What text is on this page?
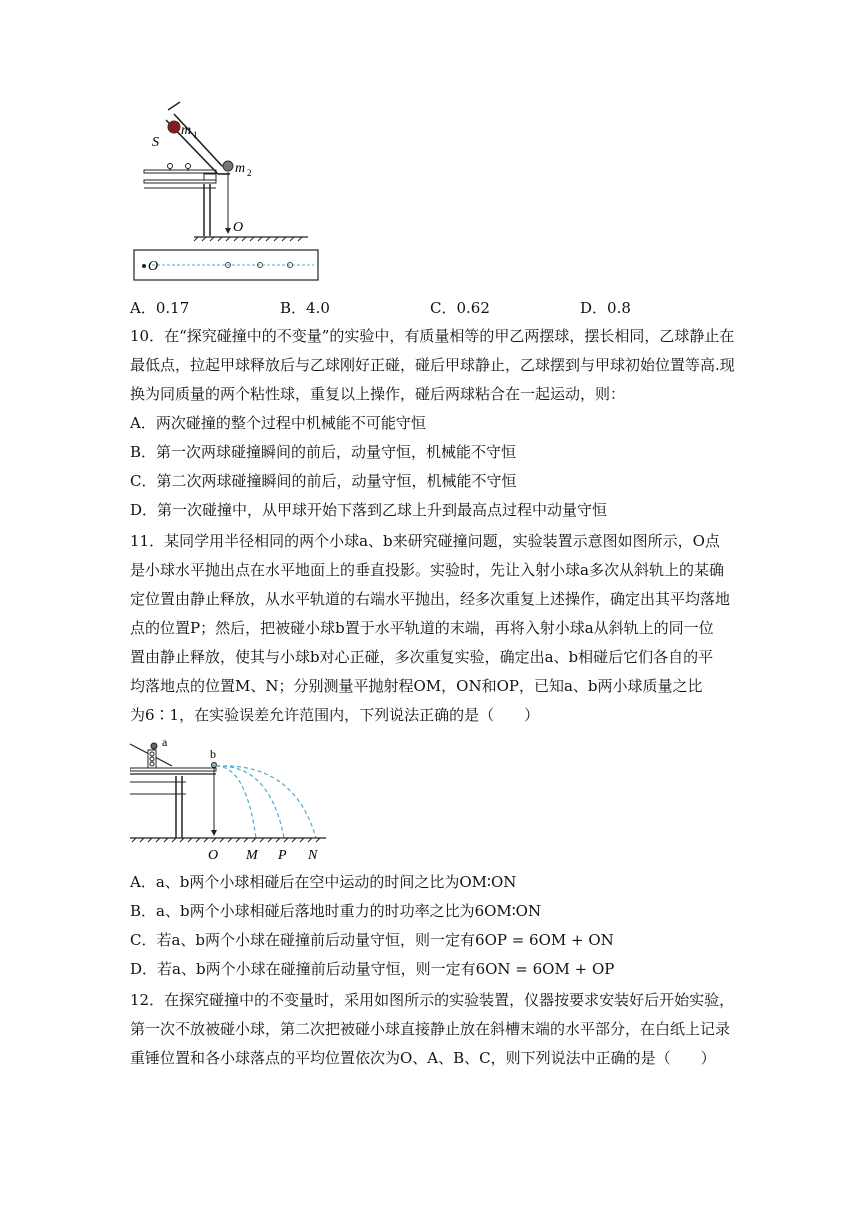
S
m 1
m 2
O
O
A．0.17	B．4.0	C．0.62	D．0.8
10．在“探究碰撞中的不变量”的实验中，有质量相等的甲乙两摆球，摆长相同，乙球静止在
最低点，拉起甲球释放后与乙球刚好正碰，碰后甲球静止，乙球摆到与甲球初始位置等高.现
换为同质量的两个粘性球，重复以上操作，碰后两球粘合在一起运动，则：
A．两次碰撞的整个过程中机械能不可能守恒
B．第一次两球碰撞瞬间的前后，动量守恒，机械能不守恒
C．第二次两球碰撞瞬间的前后，动量守恒，机械能不守恒
D．第一次碰撞中，从甲球开始下落到乙球上升到最高点过程中动量守恒
11．某同学用半径相同的两个小球a、b来研究碰撞问题，实验装置示意图如图所示，O点
是小球水平抛出点在水平地面上的垂直投影。实验时，先让入射小球a多次从斜轨上的某确
定位置由静止释放，从水平轨道的右端水平抛出，经多次重复上述操作，确定出其平均落地
点的位置P；然后，把被碰小球b置于水平轨道的末端，再将入射小球a从斜轨上的同一位
置由静止释放，使其与小球b对心正碰，多次重复实验，确定出a、b相碰后它们各自的平
均落地点的位置M、N；分别测量平抛射程OM，ON和OP，已知a、b两小球质量之比
为6∶1，在实验误差允许范围内，下列说法正确的是（　　）
a
b
O M P N
A．a、b两个小球相碰后在空中运动的时间之比为OM∶ON
B．a、b两个小球相碰后落地时重力的时功率之比为6OM∶ON
C．若a、b两个小球在碰撞前后动量守恒，则一定有6OP = 6OM + ON
D．若a、b两个小球在碰撞前后动量守恒，则一定有6ON = 6OM + OP
12．在探究碰撞中的不变量时，采用如图所示的实验装置，仪器按要求安装好后开始实验，
第一次不放被碰小球，第二次把被碰小球直接静止放在斜槽末端的水平部分，在白纸上记录
重锤位置和各小球落点的平均位置依次为O、A、B、C，则下列说法中正确的是（　　）
